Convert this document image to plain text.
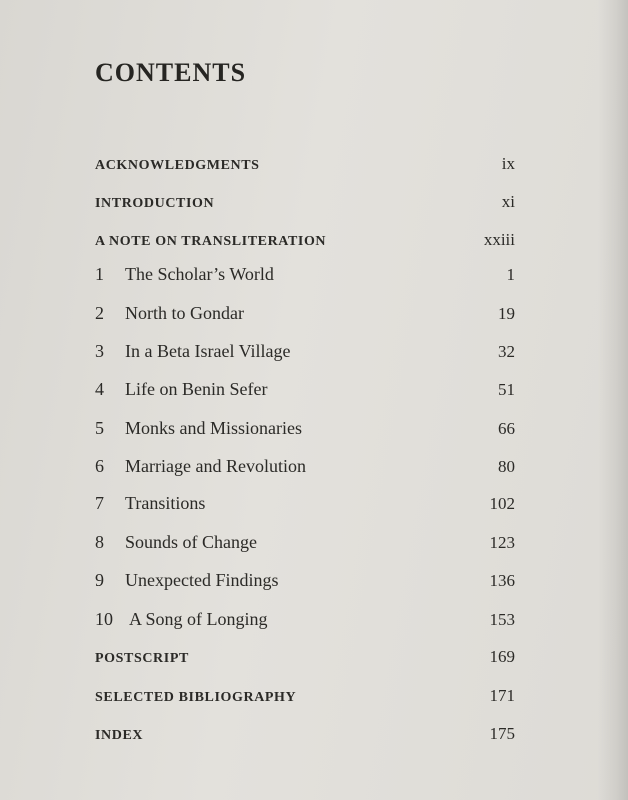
CONTENTS
ACKNOWLEDGMENTS	ix
INTRODUCTION	xi
A NOTE ON TRANSLITERATION	xxiii
1 The Scholar’s World	1
2 North to Gondar	19
3 In a Beta Israel Village	32
4 Life on Benin Sefer	51
5 Monks and Missionaries	66
6 Marriage and Revolution	80
7 Transitions	102
8 Sounds of Change	123
9 Unexpected Findings	136
10 A Song of Longing	153
POSTSCRIPT	169
SELECTED BIBLIOGRAPHY	171
INDEX	175
